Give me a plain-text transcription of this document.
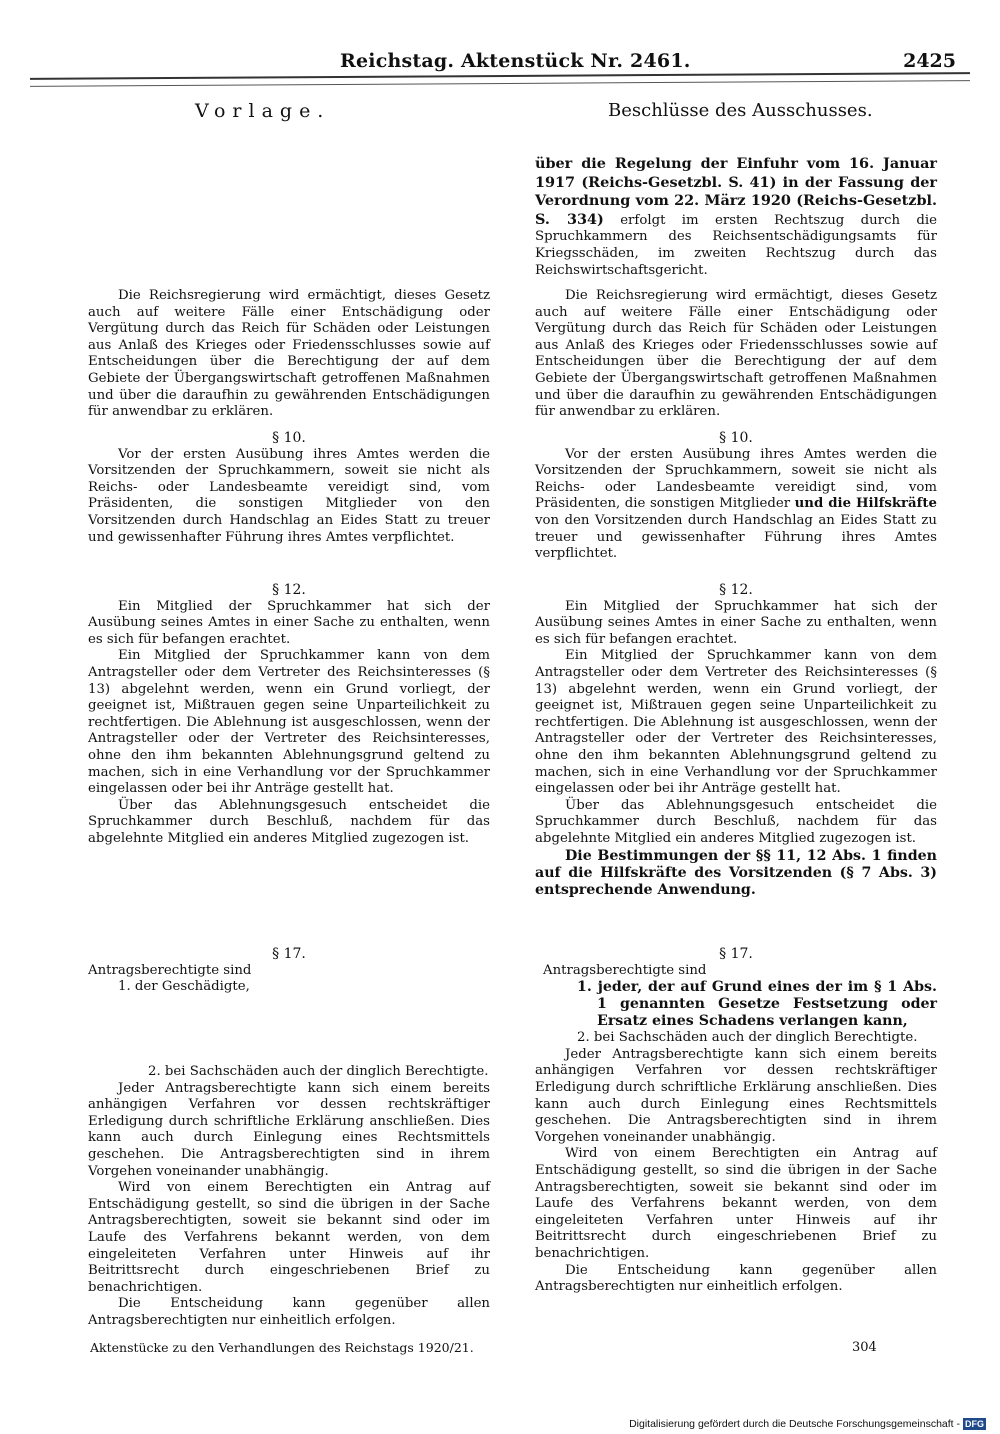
Reichstag. Aktenstück Nr. 2461.	2425
Vorlage.	Beschlüsse des Ausschusses.

über die Regelung der Einfuhr vom 16. Januar 1917 (Reichs-Gesetzbl. S. 41) in der Fassung der Verordnung vom 22. März 1920 (Reichs-Gesetzbl. S. 334) erfolgt im ersten Rechtszug durch die Spruchkammern des Reichsentschädigungsamts für Kriegsschäden, im zweiten Rechtszug durch das Reichswirtschaftsgericht.

Die Reichsregierung wird ermächtigt, dieses Gesetz auch auf weitere Fälle einer Entschädigung oder Vergütung durch das Reich für Schäden oder Leistungen aus Anlaß des Krieges oder Friedensschlusses sowie auf Entscheidungen über die Berechtigung der auf dem Gebiete der Übergangswirtschaft getroffenen Maßnahmen und über die daraufhin zu gewährenden Entschädigungen für anwendbar zu erklären.

§ 10.

Vor der ersten Ausübung ihres Amtes werden die Vorsitzenden der Spruchkammern, soweit sie nicht als Reichs- oder Landesbeamte vereidigt sind, vom Präsidenten, die sonstigen Mitglieder und die Hilfskräfte von den Vorsitzenden durch Handschlag an Eides Statt zu treuer und gewissenhafter Führung ihres Amtes verpflichtet.

§ 12.

Ein Mitglied der Spruchkammer hat sich der Ausübung seines Amtes in einer Sache zu enthalten, wenn es sich für befangen erachtet.

Ein Mitglied der Spruchkammer kann von dem Antragsteller oder dem Vertreter des Reichsinteresses (§ 13) abgelehnt werden, wenn ein Grund vorliegt, der geeignet ist, Mißtrauen gegen seine Unparteilichkeit zu rechtfertigen. Die Ablehnung ist ausgeschlossen, wenn der Antragsteller oder der Vertreter des Reichsinteresses, ohne den ihm bekannten Ablehnungsgrund geltend zu machen, sich in eine Verhandlung vor der Spruchkammer eingelassen oder bei ihr Anträge gestellt hat.

Über das Ablehnungsgesuch entscheidet die Spruchkammer durch Beschluß, nachdem für das abgelehnte Mitglied ein anderes Mitglied zugezogen ist.

Die Bestimmungen der §§ 11, 12 Abs. 1 finden auf die Hilfskräfte des Vorsitzenden (§ 7 Abs. 3) entsprechende Anwendung.

§ 17.

Antragsberechtigte sind

1. jeder, der auf Grund eines der im § 1 Abs. 1 genannten Gesetze Festsetzung oder Ersatz eines Schadens verlangen kann,

2. bei Sachschäden auch der dinglich Berechtigte.

Jeder Antragsberechtigte kann sich einem bereits anhängigen Verfahren vor dessen rechtskräftiger Erledigung durch schriftliche Erklärung anschließen. Dies kann auch durch Einlegung eines Rechtsmittels geschehen. Die Antragsberechtigten sind in ihrem Vorgehen voneinander unabhängig.

Wird von einem Berechtigten ein Antrag auf Entschädigung gestellt, so sind die übrigen in der Sache Antragsberechtigten, soweit sie bekannt sind oder im Laufe des Verfahrens bekannt werden, von dem eingeleiteten Verfahren unter Hinweis auf ihr Beitrittsrecht durch eingeschriebenen Brief zu benachrichtigen.

Die Entscheidung kann gegenüber allen Antragsberechtigten nur einheitlich erfolgen.

Die Reichsregierung wird ermächtigt, dieses Gesetz auch auf weitere Fälle einer Entschädigung oder Vergütung durch das Reich für Schäden oder Leistungen aus Anlaß des Krieges oder Friedensschlusses sowie auf Entscheidungen über die Berechtigung der auf dem Gebiete der Übergangswirtschaft getroffenen Maßnahmen und über die daraufhin zu gewährenden Entschädigungen für anwendbar zu erklären.

§ 10.

Vor der ersten Ausübung ihres Amtes werden die Vorsitzenden der Spruchkammern, soweit sie nicht als Reichs- oder Landesbeamte vereidigt sind, vom Präsidenten, die sonstigen Mitglieder von den Vorsitzenden durch Handschlag an Eides Statt zu treuer und gewissenhafter Führung ihres Amtes verpflichtet.

§ 12.

Ein Mitglied der Spruchkammer hat sich der Ausübung seines Amtes in einer Sache zu enthalten, wenn es sich für befangen erachtet.

Ein Mitglied der Spruchkammer kann von dem Antragsteller oder dem Vertreter des Reichsinteresses (§ 13) abgelehnt werden, wenn ein Grund vorliegt, der geeignet ist, Mißtrauen gegen seine Unparteilichkeit zu rechtfertigen. Die Ablehnung ist ausgeschlossen, wenn der Antragsteller oder der Vertreter des Reichsinteresses, ohne den ihm bekannten Ablehnungsgrund geltend zu machen, sich in eine Verhandlung vor der Spruchkammer eingelassen oder bei ihr Anträge gestellt hat.

Über das Ablehnungsgesuch entscheidet die Spruchkammer durch Beschluß, nachdem für das abgelehnte Mitglied ein anderes Mitglied zugezogen ist.

§ 17.

Antragsberechtigte sind

1. der Geschädigte,

2. bei Sachschäden auch der dinglich Berechtigte.

Jeder Antragsberechtigte kann sich einem bereits anhängigen Verfahren vor dessen rechtskräftiger Erledigung durch schriftliche Erklärung anschließen. Dies kann auch durch Einlegung eines Rechtsmittels geschehen. Die Antragsberechtigten sind in ihrem Vorgehen voneinander unabhängig.

Wird von einem Berechtigten ein Antrag auf Entschädigung gestellt, so sind die übrigen in der Sache Antragsberechtigten, soweit sie bekannt sind oder im Laufe des Verfahrens bekannt werden, von dem eingeleiteten Verfahren unter Hinweis auf ihr Beitrittsrecht durch eingeschriebenen Brief zu benachrichtigen.

Die Entscheidung kann gegenüber allen Antragsberechtigten nur einheitlich erfolgen.

Aktenstücke zu den Verhandlungen des Reichstags 1920/21.	304
Digitalisierung gefördert durch die Deutsche Forschungsgemeinschaft - DFG
